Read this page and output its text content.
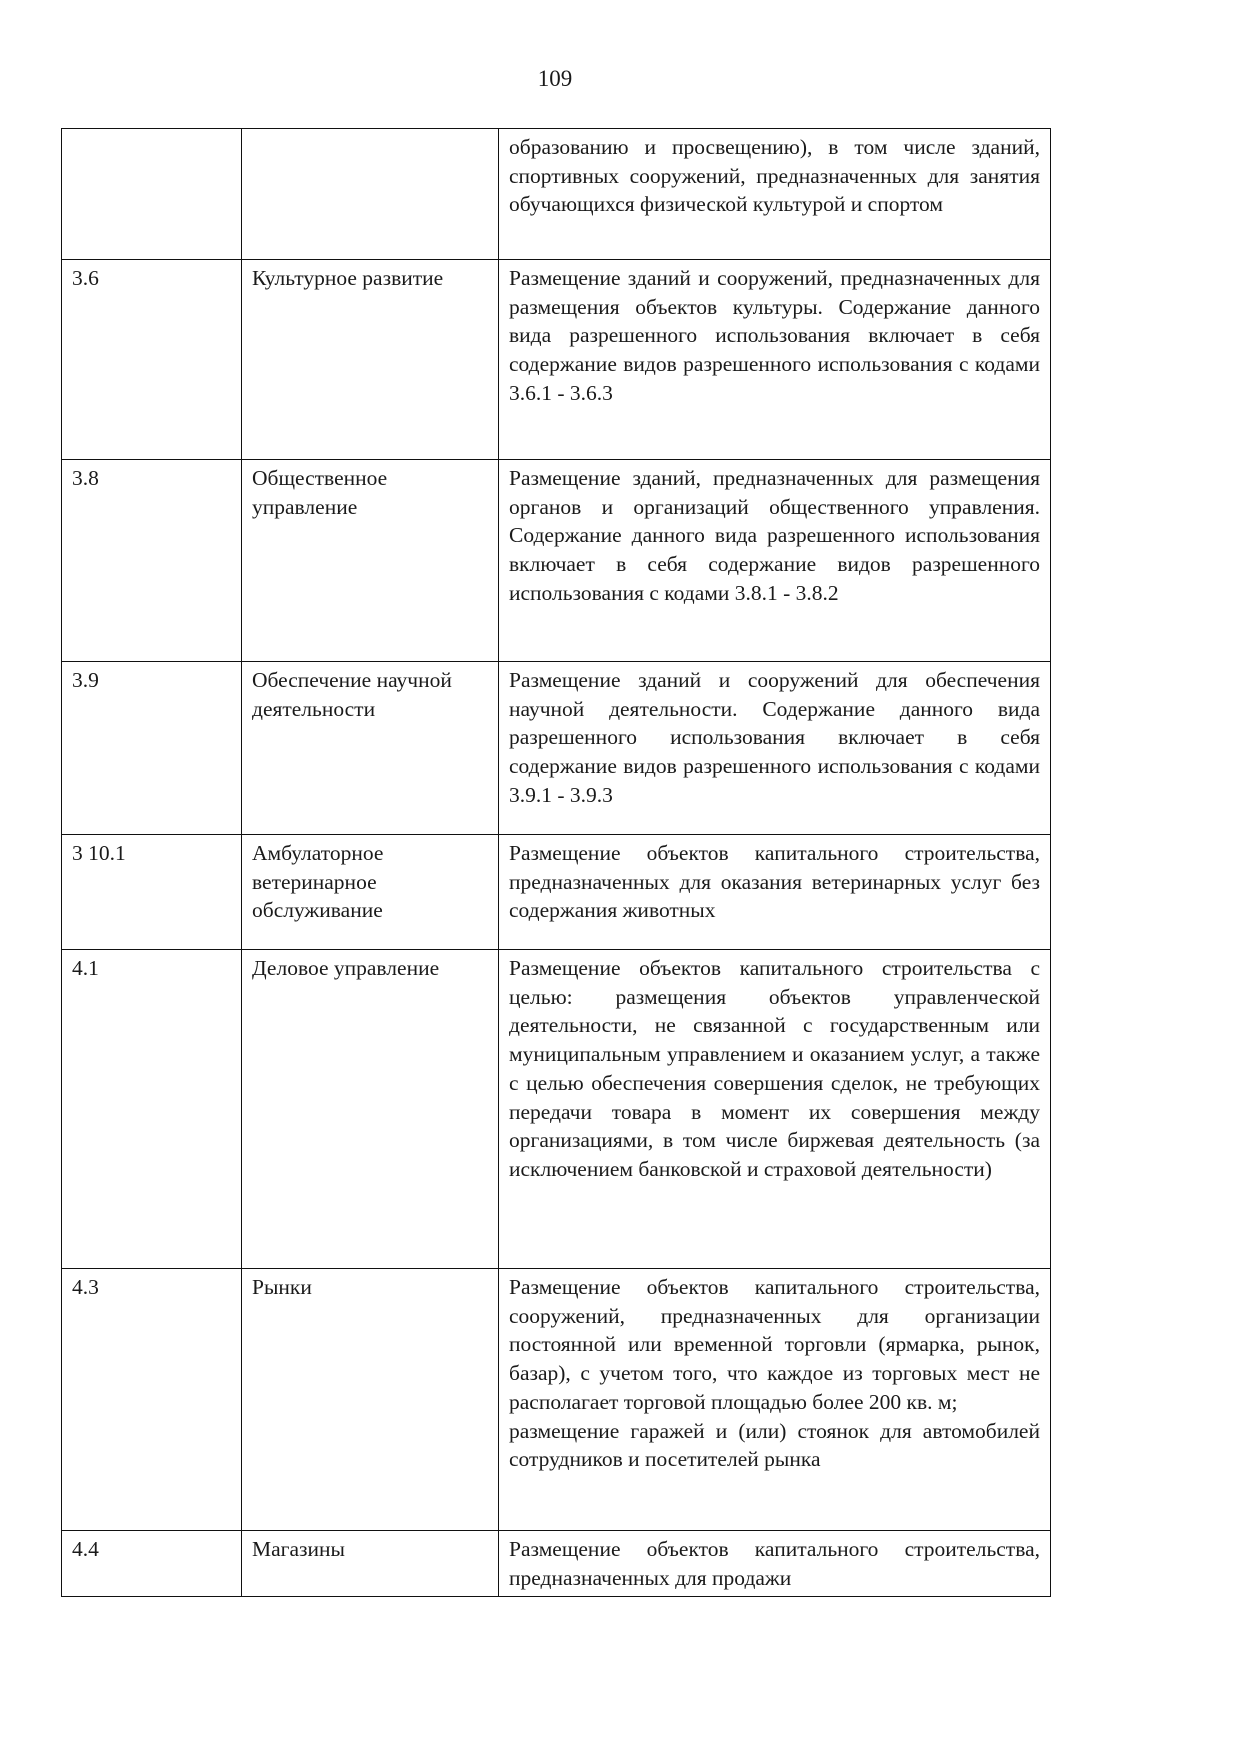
109

		образованию и просвещению), в том числе зданий, спортивных сооружений, предназначенных для занятия обучающихся физической культурой и спортом

3.6	Культурное развитие	Размещение зданий и сооружений, предназначенных для размещения объектов культуры. Содержание данного вида разрешенного использования включает в себя содержание видов разрешенного использования с кодами 3.6.1 - 3.6.3

3.8	Общественное управление	Размещение зданий, предназначенных для размещения органов и организаций общественного управления. Содержание данного вида разрешенного использования включает в себя содержание видов разрешенного использования с кодами 3.8.1 - 3.8.2

3.9	Обеспечение научной деятельности	Размещение зданий и сооружений для обеспечения научной деятельности. Содержание данного вида разрешенного использования включает в себя содержание видов разрешенного использования с кодами 3.9.1 - 3.9.3

3 10.1	Амбулаторное ветеринарное обслуживание	Размещение объектов капитального строительства, предназначенных для оказания ветеринарных услуг без содержания животных

4.1	Деловое управление	Размещение объектов капитального строительства с целью: размещения объектов управленческой деятельности, не связанной с государственным или муниципальным управлением и оказанием услуг, а также с целью обеспечения совершения сделок, не требующих передачи товара в момент их совершения между организациями, в том числе биржевая деятельность (за исключением банковской и страховой деятельности)

4.3	Рынки	Размещение объектов капитального строительства, сооружений, предназначенных для организации постоянной или временной торговли (ярмарка, рынок, базар), с учетом того, что каждое из торговых мест не располагает торговой площадью более 200 кв. м;
размещение гаражей и (или) стоянок для автомобилей сотрудников и посетителей рынка

4.4	Магазины	Размещение объектов капитального строительства, предназначенных для продажи
